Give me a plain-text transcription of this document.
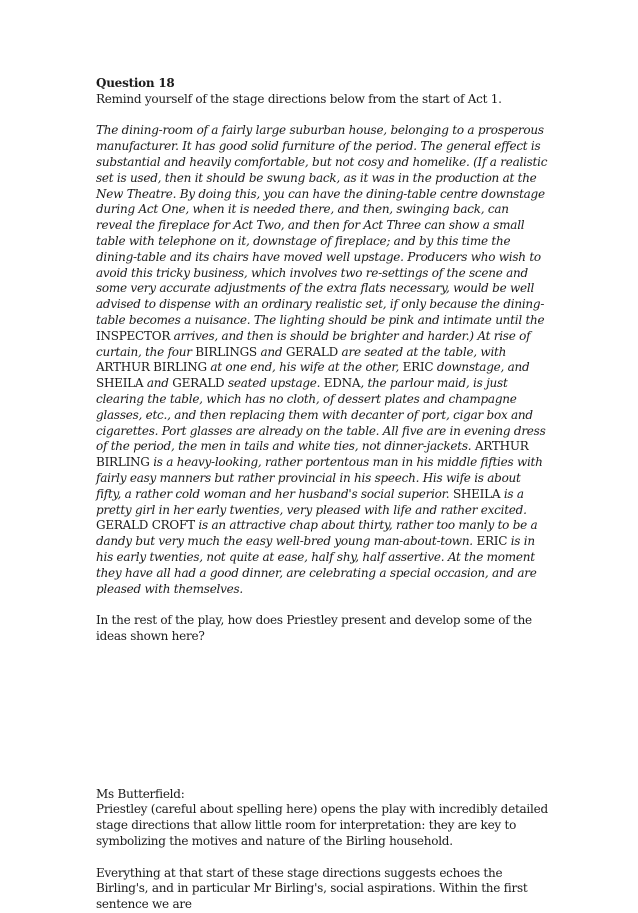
Question 18

Remind yourself of the stage directions below from the start of Act 1.

The dining-room of a fairly large suburban house, belonging to a prosperous manufacturer. It has good solid furniture of the period. The general effect is substantial and heavily comfortable, but not cosy and homelike. (If a realistic set is used, then it should be swung back, as it was in the production at the New Theatre. By doing this, you can have the dining-table centre downstage during Act One, when it is needed there, and then, swinging back, can reveal the fireplace for Act Two, and then for Act Three can show a small table with telephone on it, downstage of fireplace; and by this time the dining-table and its chairs have moved well upstage. Producers who wish to avoid this tricky business, which involves two re-settings of the scene and some very accurate adjustments of the extra flats necessary, would be well advised to dispense with an ordinary realistic set, if only because the dining-table becomes a nuisance. The lighting should be pink and intimate until the INSPECTOR arrives, and then is should be brighter and harder.) At rise of curtain, the four BIRLINGS and GERALD are seated at the table, with ARTHUR BIRLING at one end, his wife at the other, ERIC downstage, and SHEILA and GERALD seated upstage. EDNA, the parlour maid, is just clearing the table, which has no cloth, of dessert plates and champagne glasses, etc., and then replacing them with decanter of port, cigar box and cigarettes. Port glasses are already on the table. All five are in evening dress of the period, the men in tails and white ties, not dinner-jackets. ARTHUR BIRLING is a heavy-looking, rather portentous man in his middle fifties with fairly easy manners but rather provincial in his speech. His wife is about fifty, a rather cold woman and her husband's social superior. SHEILA is a pretty girl in her early twenties, very pleased with life and rather excited. GERALD CROFT is an attractive chap about thirty, rather too manly to be a dandy but very much the easy well-bred young man-about-town. ERIC is in his early twenties, not quite at ease, half shy, half assertive. At the moment they have all had a good dinner, are celebrating a special occasion, and are pleased with themselves.

In the rest of the play, how does Priestley present and develop some of the ideas shown here?

Ms Butterfield:

Priestley (careful about spelling here) opens the play with incredibly detailed stage directions that allow little room for interpretation: they are key to symbolizing the motives and nature of the Birling household.

Everything at that start of these stage directions suggests echoes the Birling's, and in particular Mr Birling's, social aspirations. Within the first sentence we are
